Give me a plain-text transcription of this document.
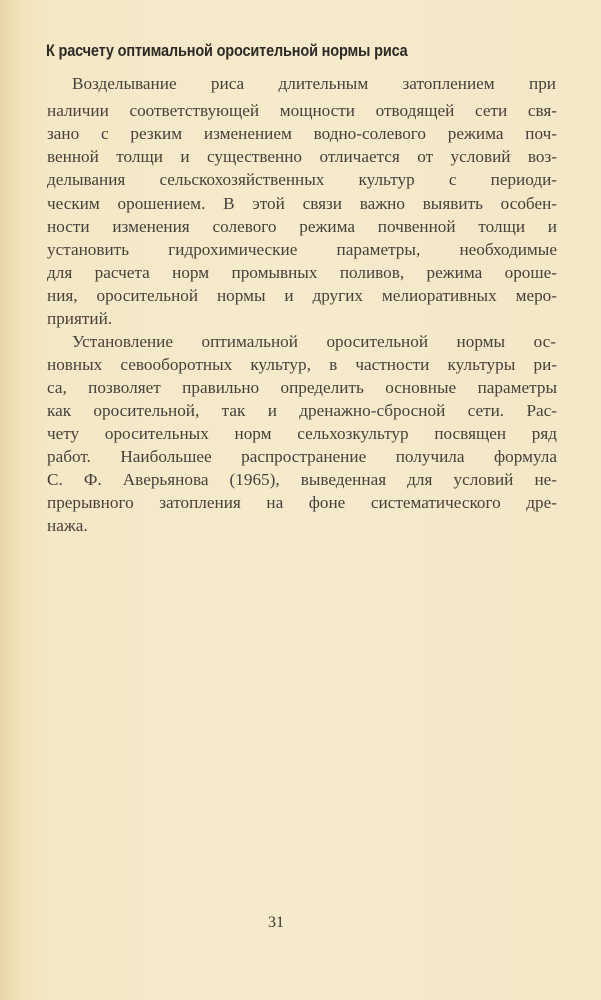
К расчету оптимальной оросительной нормы риса
Возделывание риса длительным затоплением при
наличии соответствующей мощности отводящей сети свя-
зано с резким изменением водно-солевого режима поч-
венной толщи и существенно отличается от условий воз-
делывания сельскохозяйственных культур с периоди-
ческим орошением. В этой связи важно выявить особен-
ности изменения солевого режима почвенной толщи и
установить гидрохимические параметры, необходимые
для расчета норм промывных поливов, режима ороше-
ния, оросительной нормы и других мелиоративных меро-
приятий.
Установление оптимальной оросительной нормы ос-
новных севооборотных культур, в частности культуры ри-
са, позволяет правильно определить основные параметры
как оросительной, так и дренажно-сбросной сети. Рас-
чету оросительных норм сельхозкультур посвящен ряд
работ. Наибольшее распространение получила формула
С. Ф. Аверьянова (1965), выведенная для условий не-
прерывного затопления на фоне систематического дре-
нажа.
31
